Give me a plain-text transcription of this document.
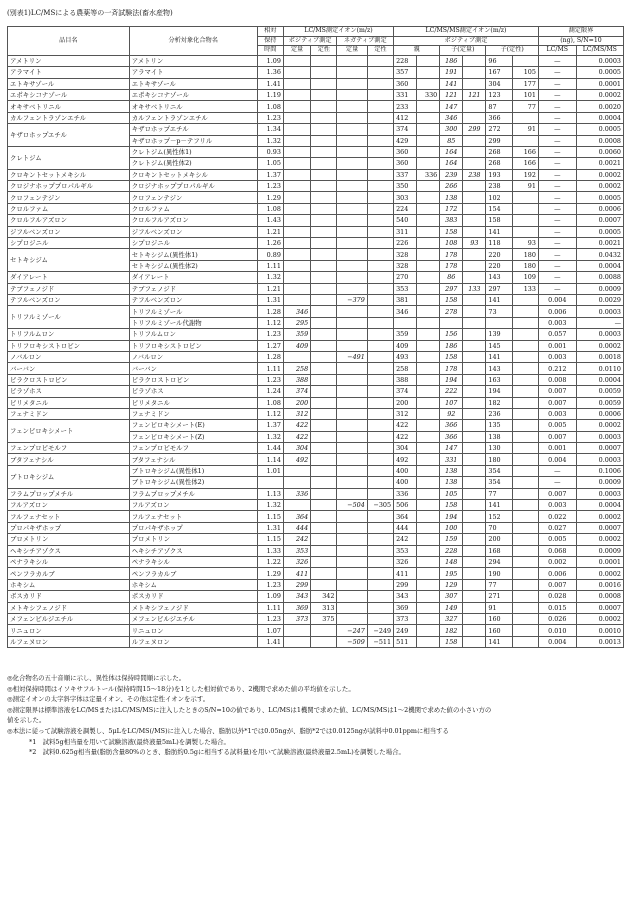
(別表1)LC/MSによる農薬等の一斉試験法(畜水産物)
品目名	分析対象化合物名	相対	LC/MS測定イオン(m/z)				LC/MS/MS測定イオン(m/z)						測定限界	
		保持	ポジティブ測定		ネガティブ測定		ポジティブ測定						(ng), S/N=10	
		時間	定量	定性	定量	定性	親		子(定量)		子(定性)		LC/MS	LC/MS/MS
アメトリン	アメトリン	1.09					228		186		96		—	0.0003
アラマイト	アラマイト	1.36					357		191		167	105	—	0.0005
エトキサゾール	エトキサゾール	1.41					360		141		304	177	—	0.0001
エポキシコナゾール	エポキシコナゾール	1.19					331	330	121	121	123	101	—	0.0002
オキサベトリニル	オキサベトリニル	1.08					233		147		87	77	—	0.0020
カルフェントラゾンエチル	カルフェントラゾンエチル	1.23					412		346		366		—	0.0004
キザロホップエチル	キザロホップエチル	1.34					374		300	299	272	91	—	0.0005
	キザロホップ－p－テフリル	1.32					429		85		299		—	0.0008
クレトジム	クレトジム(異性体1)	0.93					360		164		268	166	—	0.0060
	クレトジム(異性体2)	1.05					360		164		268	166	—	0.0021
クロキントセットメキシル	クロキントセットメキシル	1.37					337	336	239	238	193	192	—	0.0002
クロジナホッププロパルギル	クロジナホッププロパルギル	1.23					350		266		238	91	—	0.0002
クロフェンテジン	クロフェンテジン	1.29					303		138		102		—	0.0005
クロルファム	クロルファム	1.08					224		172		154		—	0.0006
クロルフルアズロン	クロルフルアズロン	1.43					540		383		158		—	0.0007
ジフルベンズロン	ジフルベンズロン	1.21					311		158		141		—	0.0005
シプロジニル	シプロジニル	1.26					226		108	93	118	93	—	0.0021
セトキシジム	セトキシジム(異性体1)	0.89					328		178		220	180	—	0.0432
	セトキシジム(異性体2)	1.11					328		178		220	180	—	0.0004
ダイアレート	ダイアレート	1.32					270		86		143	109	—	0.0088
テブフェノジド	テブフェノジド	1.21					353		297	133	297	133	—	0.0009
テフルベンズロン	テフルベンズロン	1.31			−379		381		158		141		0.004	0.0029
トリフルミゾール	トリフルミゾール	1.28	346				346		278		73		0.006	0.0003
	トリフルミゾール代謝物	1.12	295										0.003	—
トリフルムロン	トリフルムロン	1.23	359				359		156		139		0.057	0.0003
トリフロキシストロビン	トリフロキシストロビン	1.27	409				409		186		145		0.001	0.0002
ノバルロン	ノバルロン	1.28			−491		493		158		141		0.003	0.0018
バーバン	バーバン	1.11	258				258		178		143		0.212	0.0110
ピラクロストロビン	ピラクロストロビン	1.23	388				388		194		163		0.008	0.0004
ピラゾホス	ピラゾホス	1.24	374				374		222		194		0.007	0.0059
ピリメタニル	ピリメタニル	1.08	200				200		107		182		0.007	0.0059
フェナミドン	フェナミドン	1.12	312				312		92		236		0.003	0.0006
フェンピロキシメート	フェンピロキシメート(E)	1.37	422				422		366		135		0.005	0.0002
	フェンピロキシメート(Z)	1.32	422				422		366		138		0.007	0.0003
フェンプロピモルフ	フェンプロピモルフ	1.44	304				304		147		130		0.001	0.0007
ブタフェナシル	ブタフェナシル	1.14	492				492		331		180		0.004	0.0003
ブトロキシジム	ブトロキシジム(異性体1)	1.01					400		138		354		—	0.1006
	ブトロキシジム(異性体2)						400		138		354		—	0.0009
フラムプロップメチル	フラムプロップメチル	1.13	336				336		105		77		0.007	0.0003
フルアズロン	フルアズロン	1.32			−504	−305	506		158		141		0.003	0.0004
フルフェナセット	フルフェナセット	1.15	364				364		194		152		0.022	0.0002
プロパキザホップ	プロパキザホップ	1.31	444				444		100		70		0.027	0.0007
ブロメトリン	プロメトリン	1.15	242				242		159		200		0.005	0.0002
ヘキシチアゾクス	ヘキシチアゾクス	1.33	353				353		228		168		0.068	0.0009
ペナラキシル	ペナラキシル	1.22	326				326		148		294		0.002	0.0001
ペンフラカルブ	ペンフラカルブ	1.29	411				411		195		190		0.006	0.0002
ホキシム	ホキシム	1.23	299				299		129		77		0.007	0.0016
ボスカリド	ボスカリド	1.09	343	342			343		307		271		0.028	0.0008
メトキシフェノジド	メトキシフェノジド	1.11	369	313			369		149		91		0.015	0.0007
メフェンピルジエチル	メフェンピルジエチル	1.23	373	375			373		327		160		0.026	0.0002
リニュロン	リニュロン	1.07			−247	−249	249		182		160		0.010	0.0010
ルフェヌロン	ルフェヌロン	1.41			−509	−511	511		158		141		0.004	0.0013
◎化合物名の五十音順に示し、異性体は保持時間順に示した。
◎相対保持時間はイソキサフルトール(保持時間15～18分)を1とした相対値であり、2機関で求めた値の平均値を示した。
◎測定イオンの太字斜字体は定量イオン、その他は定性イオンを示す。
◎測定限界は標準溶液をLC/MSまたはLC/MS/MSに注入したときのS/N=10の値であり、LC/MSは1機関で求めた値、LC/MS/MSは1～2機関で求めた値の小さい方の
値を示した。
◎本法に従って試験溶液を調製し、5μLをLC/MS(/MS)に注入した場合、脂肪以外*1では0.05ngが、脂肪*2では0.0125ngが試料中0.01ppmに相当する
*1　試料5g相当量を用いて試験溶液(最終液量5mL)を調製した場合。
*2　試料0.625g相当量(脂肪含量80%のとき、脂肪約0.5gに相当する試料量)を用いて試験溶液(最終液量2.5mL)を調製した場合。
